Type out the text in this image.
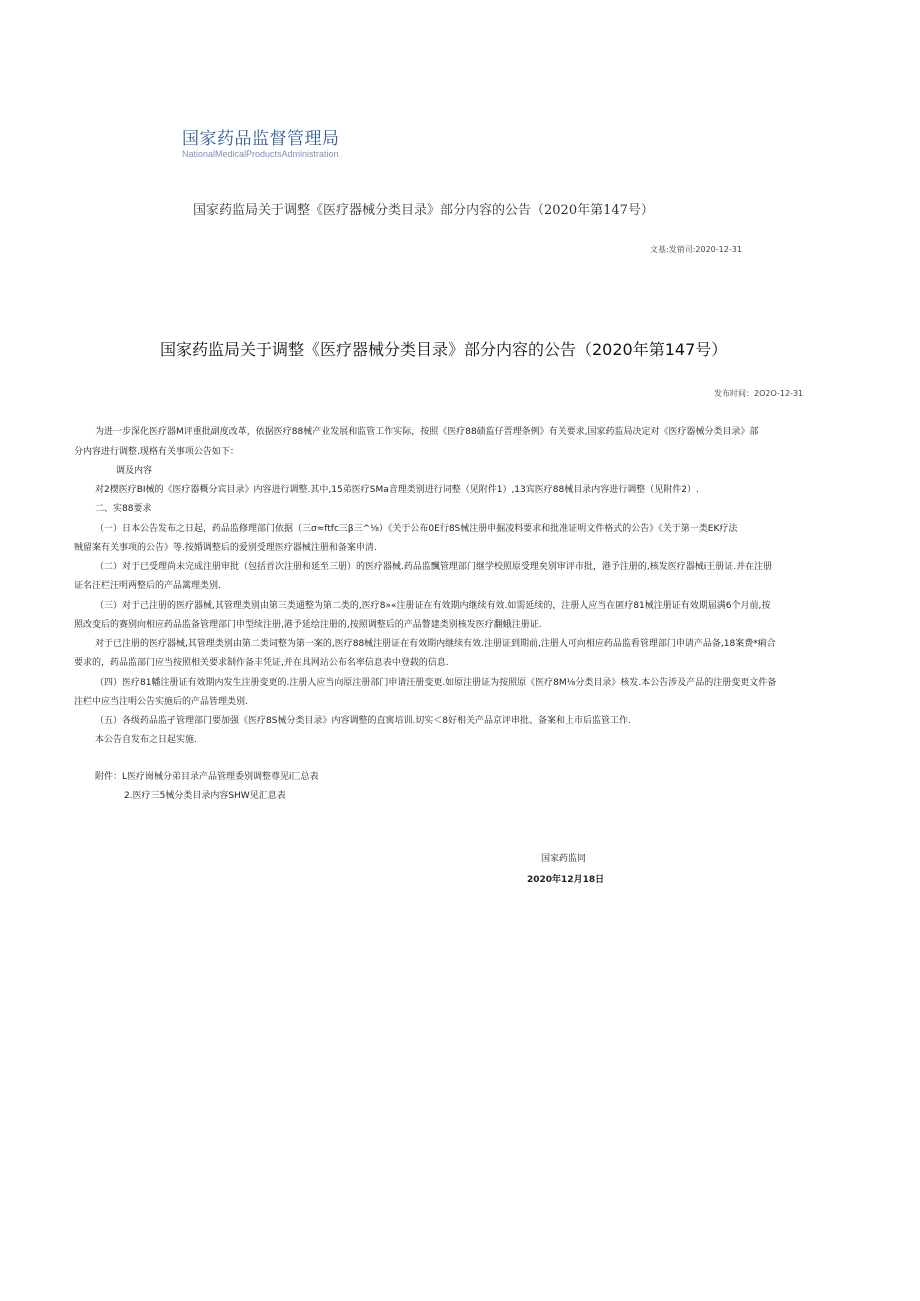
国家药品监督管理局
NationalMedicalProductsAdministration
国家药监局关于调整《医疗器械分类目录》部分内容的公告（2020年第147号）
文基:发销司:2020-12-31
国家药监局关于调整《医疗器械分类目录》部分内容的公告（2020年第147号）
发布时间：2O2O-12-31
为进一步深化医疗器M评重批副度改革，依据医疗88械产业发展和监管工作实际，按照《医疗88碛监仔晋理条例》有关要求,国家药监局决定对《医疗器械分类目录》部
分内容进行调整.现格有关事项公告如下：
调及内容
对2楔医疗BI械的《医疗器概分宾目录》内容进行调整.其中,15弟医疗SMa音理类别进行词整（见附件1）,13宾医疗88械目录内容进行调整（见附件2）.
二、实88要求
（一）日本公告发布之日起，药品监修理部门依据（三σ≈ftfc三β三^⅛）《关于公布0E行8S械注册申掘凌料要求和批准证明文件格式的公告》《关于第一类EK疗法
贼留案有关事项的公告》等.按婚调整后的爱别受理医疗器械注册和备案申清.
（二）对于已受理尚未完成注册审批（包括首次注册和延至三册）的医疗器械.药品监飄管理部门继学校照原受理矣别审评市批，港予注册的,核发医疗器械i王册证.并在注册
证名汪栏汪明两整后的产品篱理类别.
（三）对于己注册的医疗器械,其管理类别由第三类通整为第二类的,医疗8»«注册证在有效期内继续有效.如需延续的，注册人应当在匿疗81械注册证有效期届满6个月前,按
照改变后的赛别向相应药品监备管理部门申型续注册,港予延绘注册的,按照调整后的产品瞥建类别核发医疗翻蛾注册证.
对于已注册的医疗器械,其管理类别由第二类词整为第一案的,医疗88械注册证在有效期内继续有效.注册证到期前,注册人可向相应药品监看管理部门申请产品备,18案费*痢合
要求的，药品监部门应当按照相关要求制作备丰凭证,并在具网站公布名率信息表中登载的信息.
（四）医疗81幡注册证有效期内发生注册变更的.注册人应当向原注册部门申请汪册变更.如原注册证为按照原《医疗8M⅛分类目录》核发.本公告涉及产品的注册变更文件备
注栏中应当注明公告实施后的产品皆理类别.
（五）各级药品监孑管理部门要加强《医疗8S械分类目录》内容调整的直寓培训.切实＜8好相关产品京评串批、备案和上市后监管工作.
本公告自发布之日起实施.
附件：L医疗崗械分弟目录产品管理委别调整尊见i匚总表
2.医疗三5械分类目录内容SHW见汇息表
国家药监同
2020年12月18日
